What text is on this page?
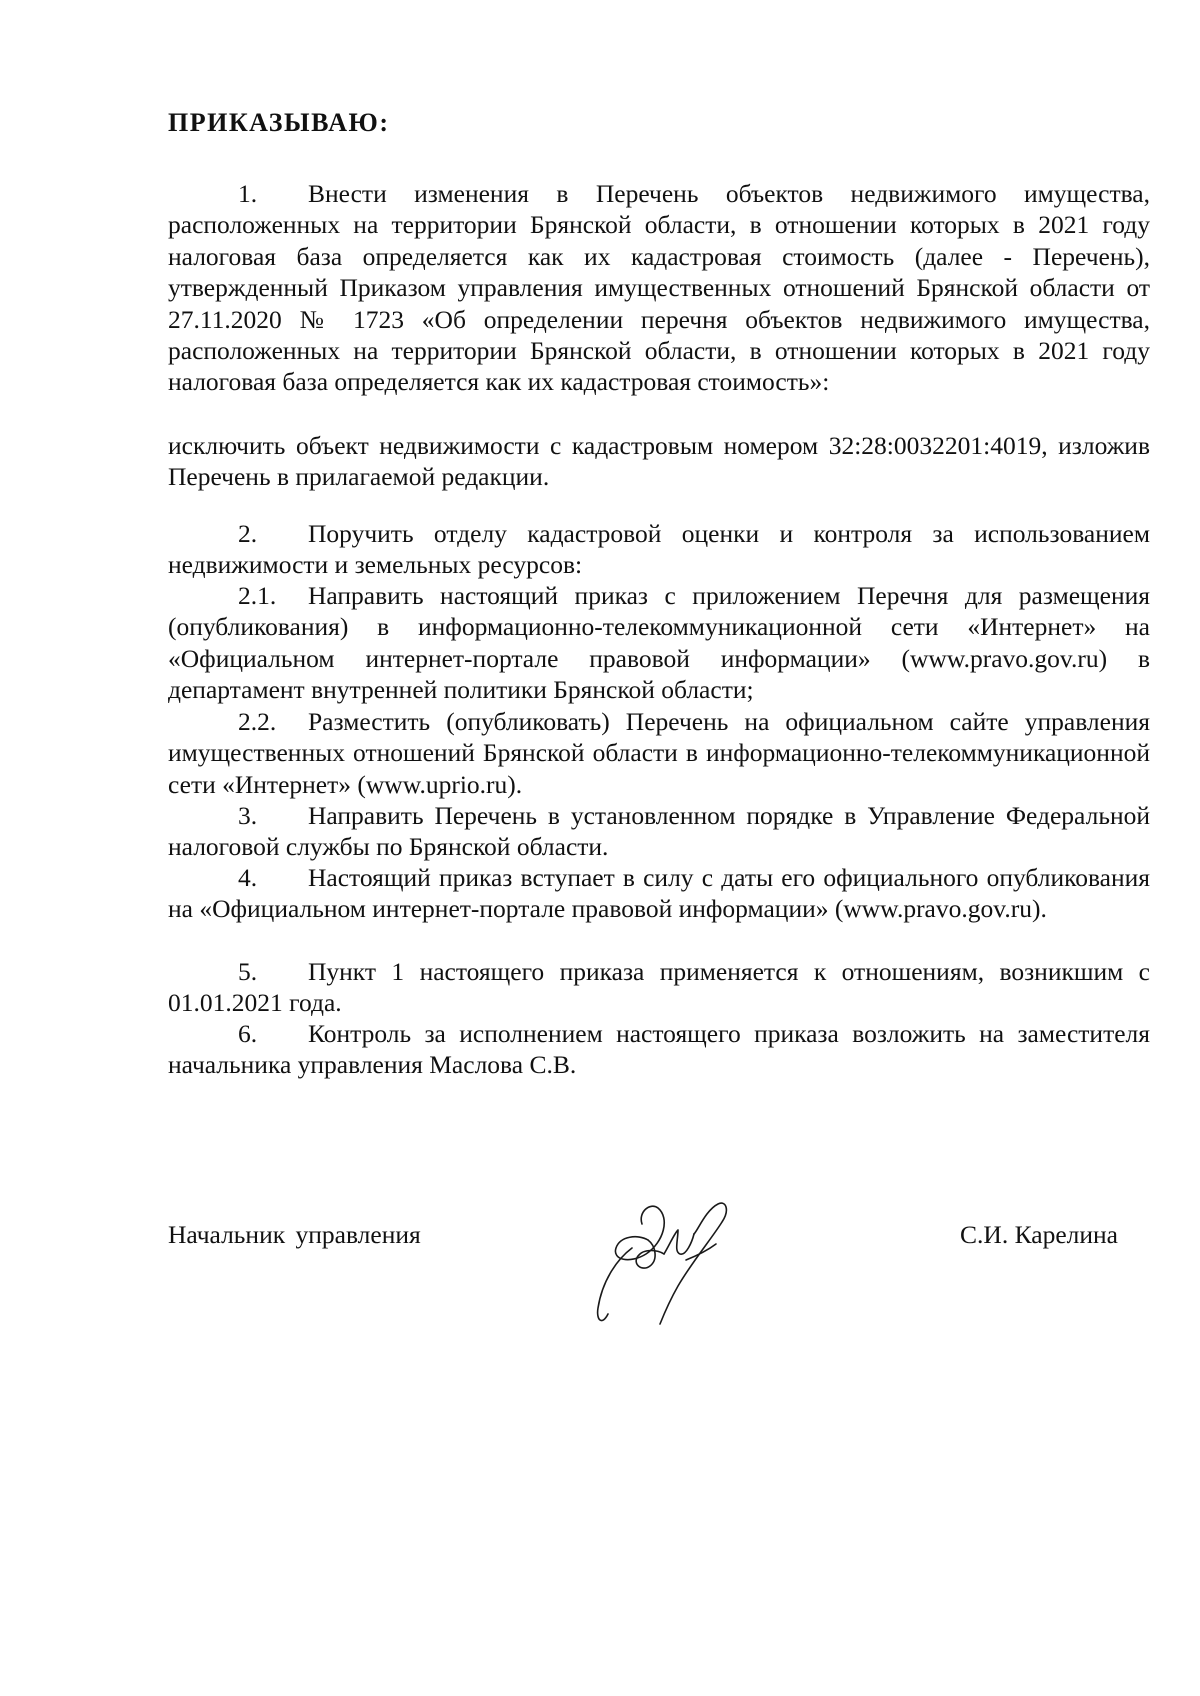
ПРИКАЗЫВАЮ:

1. Внести изменения в Перечень объектов недвижимого имущества, расположенных на территории Брянской области, в отношении которых в 2021 году налоговая база определяется как их кадастровая стоимость (далее - Перечень), утвержденный Приказом управления имущественных отношений Брянской области от 27.11.2020 № 1723 «Об определении перечня объектов недвижимого имущества, расположенных на территории Брянской области, в отношении которых в 2021 году налоговая база определяется как их кадастровая стоимость»:

исключить объект недвижимости с кадастровым номером 32:28:0032201:4019, изложив Перечень в прилагаемой редакции.

2. Поручить отделу кадастровой оценки и контроля за использованием недвижимости и земельных ресурсов:

2.1. Направить настоящий приказ с приложением Перечня для размещения (опубликования) в информационно-телекоммуникационной сети «Интернет» на «Официальном интернет-портале правовой информации» (www.pravo.gov.ru) в департамент внутренней политики Брянской области;

2.2. Разместить (опубликовать) Перечень на официальном сайте управления имущественных отношений Брянской области в информационно-телекоммуникационной сети «Интернет» (www.uprio.ru).

3. Направить Перечень в установленном порядке в Управление Федеральной налоговой службы по Брянской области.

4. Настоящий приказ вступает в силу с даты его официального опубликования на «Официальном интернет-портале правовой информации» (www.pravo.gov.ru).

5. Пункт 1 настоящего приказа применяется к отношениям, возникшим с 01.01.2021 года.

6. Контроль за исполнением настоящего приказа возложить на заместителя начальника управления Маслова С.В.

Начальник управления	С.И. Карелина
